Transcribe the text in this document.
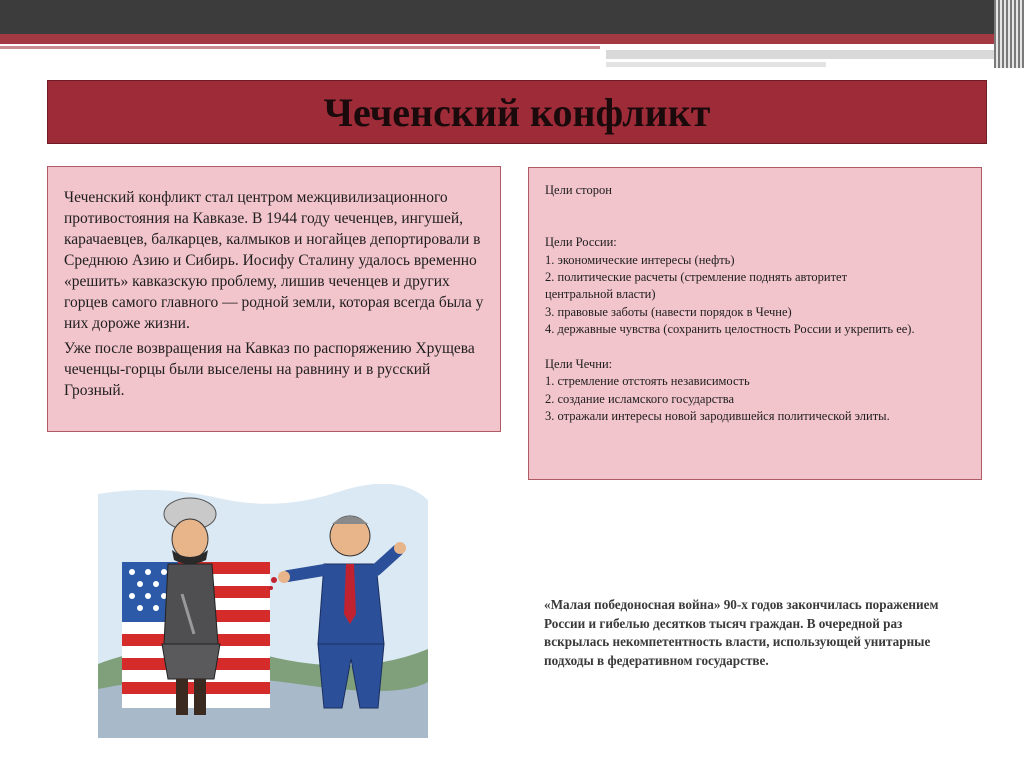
Чеченский конфликт

Чеченский конфликт стал центром межцивилизационного противостояния на Кавказе. В 1944 году чеченцев, ингушей, карачаевцев, балкарцев, калмыков и ногайцев депортировали в Среднюю Азию и Сибирь. Иосифу Сталину удалось временно «решить» кавказскую проблему, лишив чеченцев и других горцев самого главного — родной земли, которая всегда была у них дороже жизни.

Уже после возвращения на Кавказ по распоряжению Хрущева чеченцы-горцы были выселены на равнину и в русский Грозный.

Цели сторон
Цели России:
1. экономические интересы (нефть)
2. политические расчеты (стремление поднять авторитет
центральной власти)
3. правовые заботы (навести порядок в Чечне)
4. державные чувства (сохранить целостность России и укрепить ее).
Цели Чечни:
1. стремление отстоять независимость
2. создание исламского государства
3. отражали интересы новой зародившейся политической элиты.
«Малая победоносная война» 90-х годов закончилась поражением России и гибелью десятков тысяч граждан. В очередной раз вскрылась некомпетентность власти, использующей унитарные подходы в федеративном государстве.
